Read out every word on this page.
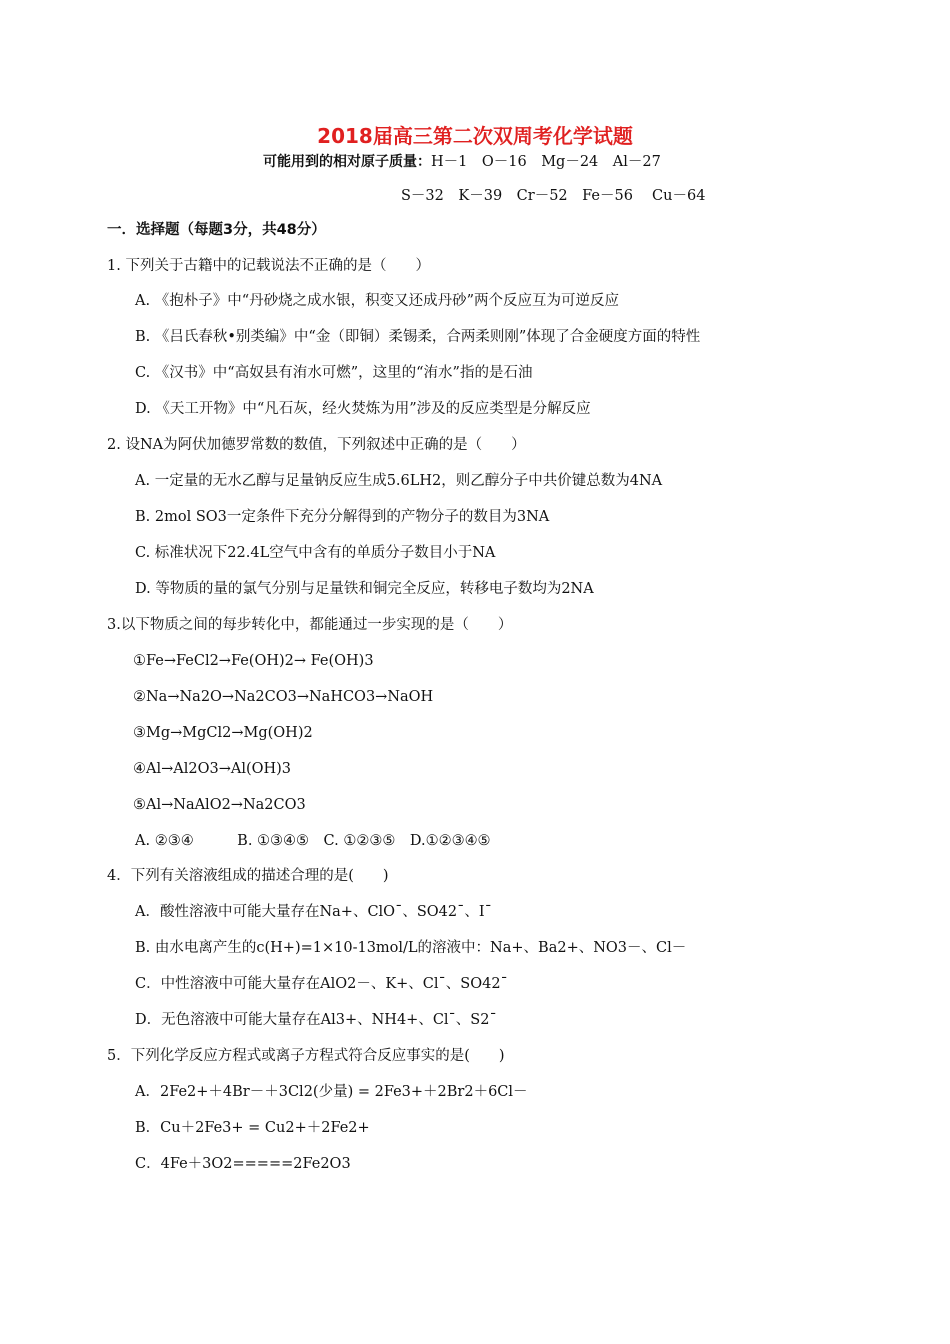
2018届高三第二次双周考化学试题
可能用到的相对原子质量：H－1　O－16　Mg－24　Al－27
S－32　K－39　Cr－52　Fe－56　 Cu－64
一．选择题（每题3分，共48分）
1. 下列关于古籍中的记载说法不正确的是（　　）
A. 《抱朴子》中“丹砂烧之成水银，积变又还成丹砂”两个反应互为可逆反应
B. 《吕氏春秋•别类编》中“金（即铜）柔锡柔，合两柔则刚”体现了合金硬度方面的特性
C. 《汉书》中“高奴县有洧水可燃”，这里的“洧水”指的是石油
D. 《天工开物》中“凡石灰，经火焚炼为用”涉及的反应类型是分解反应
2. 设NA为阿伏加德罗常数的数值，下列叙述中正确的是（　　）
A. 一定量的无水乙醇与足量钠反应生成5.6LH2，则乙醇分子中共价键总数为4NA
B. 2mol SO3一定条件下充分分解得到的产物分子的数目为3NA
C. 标准状况下22.4L空气中含有的单质分子数目小于NA
D. 等物质的量的氯气分别与足量铁和铜完全反应，转移电子数均为2NA
3.以下物质之间的每步转化中，都能通过一步实现的是（　　）
①Fe→FeCl2→Fe(OH)2→ Fe(OH)3
②Na→Na2O→Na2CO3→NaHCO3→NaOH
③Mg→MgCl2→Mg(OH)2
④Al→Al2O3→Al(OH)3
⑤Al→NaAlO2→Na2CO3
A. ②③④　　　B. ①③④⑤　C. ①②③⑤　D.①②③④⑤
4．下列有关溶液组成的描述合理的是(　　)
A．酸性溶液中可能大量存在Na+、ClO¯、SO42¯、I¯
B. 由水电离产生的c(H+)=1×10-13mol/L的溶液中：Na+、Ba2+、NO3－、Cl－
C．中性溶液中可能大量存在AlO2－、K+、Cl¯、SO42¯
D．无色溶液中可能大量存在Al3+、NH4+、Cl¯、S2¯
5．下列化学反应方程式或离子方程式符合反应事实的是(　　)
A．2Fe2+＋4Br－＋3Cl2(少量) = 2Fe3+＋2Br2＋6Cl－
B．Cu＋2Fe3+ = Cu2+＋2Fe2+
C．4Fe＋3O2=====2Fe2O3
